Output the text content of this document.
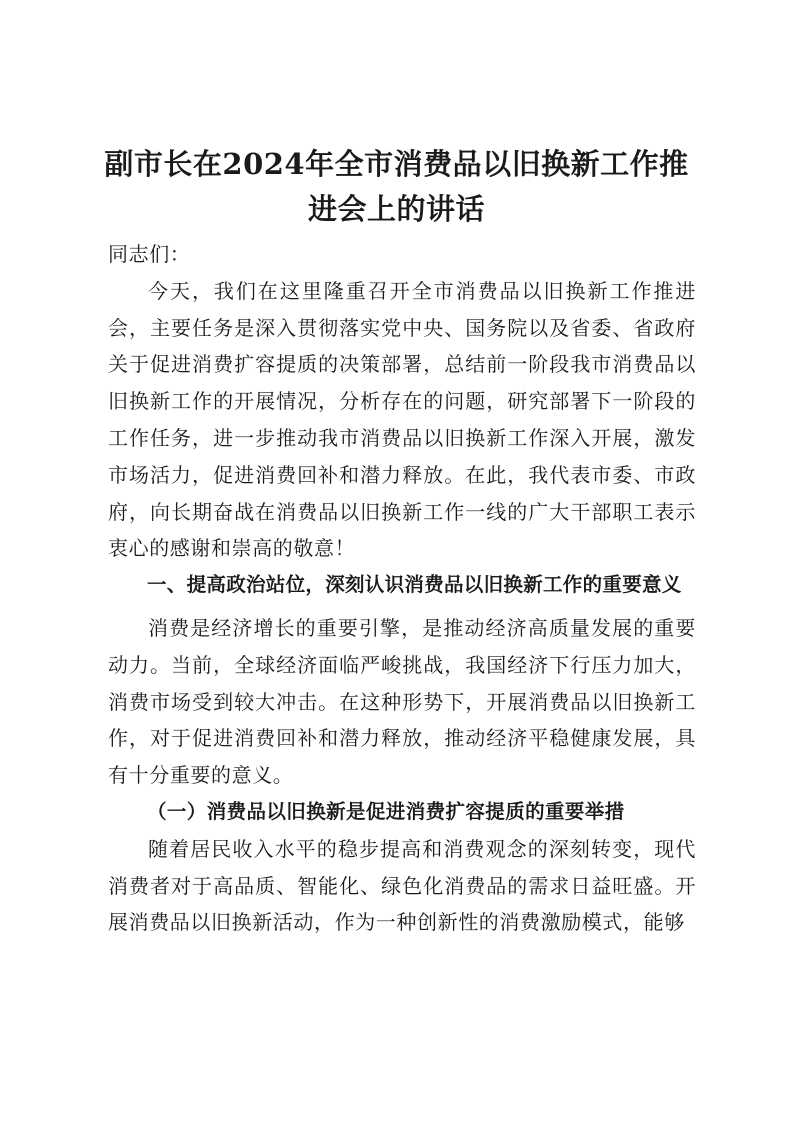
副市长在2024年全市消费品以旧换新工作推
进会上的讲话

同志们：

今天，我们在这里隆重召开全市消费品以旧换新工作推进会，主要任务是深入贯彻落实党中央、国务院以及省委、省政府关于促进消费扩容提质的决策部署，总结前一阶段我市消费品以旧换新工作的开展情况，分析存在的问题，研究部署下一阶段的工作任务，进一步推动我市消费品以旧换新工作深入开展，激发市场活力，促进消费回补和潜力释放。在此，我代表市委、市政府，向长期奋战在消费品以旧换新工作一线的广大干部职工表示衷心的感谢和崇高的敬意！

一、提高政治站位，深刻认识消费品以旧换新工作的重要意义

消费是经济增长的重要引擎，是推动经济高质量发展的重要动力。当前，全球经济面临严峻挑战，我国经济下行压力加大，消费市场受到较大冲击。在这种形势下，开展消费品以旧换新工作，对于促进消费回补和潜力释放，推动经济平稳健康发展，具有十分重要的意义。

（一）消费品以旧换新是促进消费扩容提质的重要举措

随着居民收入水平的稳步提高和消费观念的深刻转变，现代消费者对于高品质、智能化、绿色化消费品的需求日益旺盛。开展消费品以旧换新活动，作为一种创新性的消费激励模式，能够
